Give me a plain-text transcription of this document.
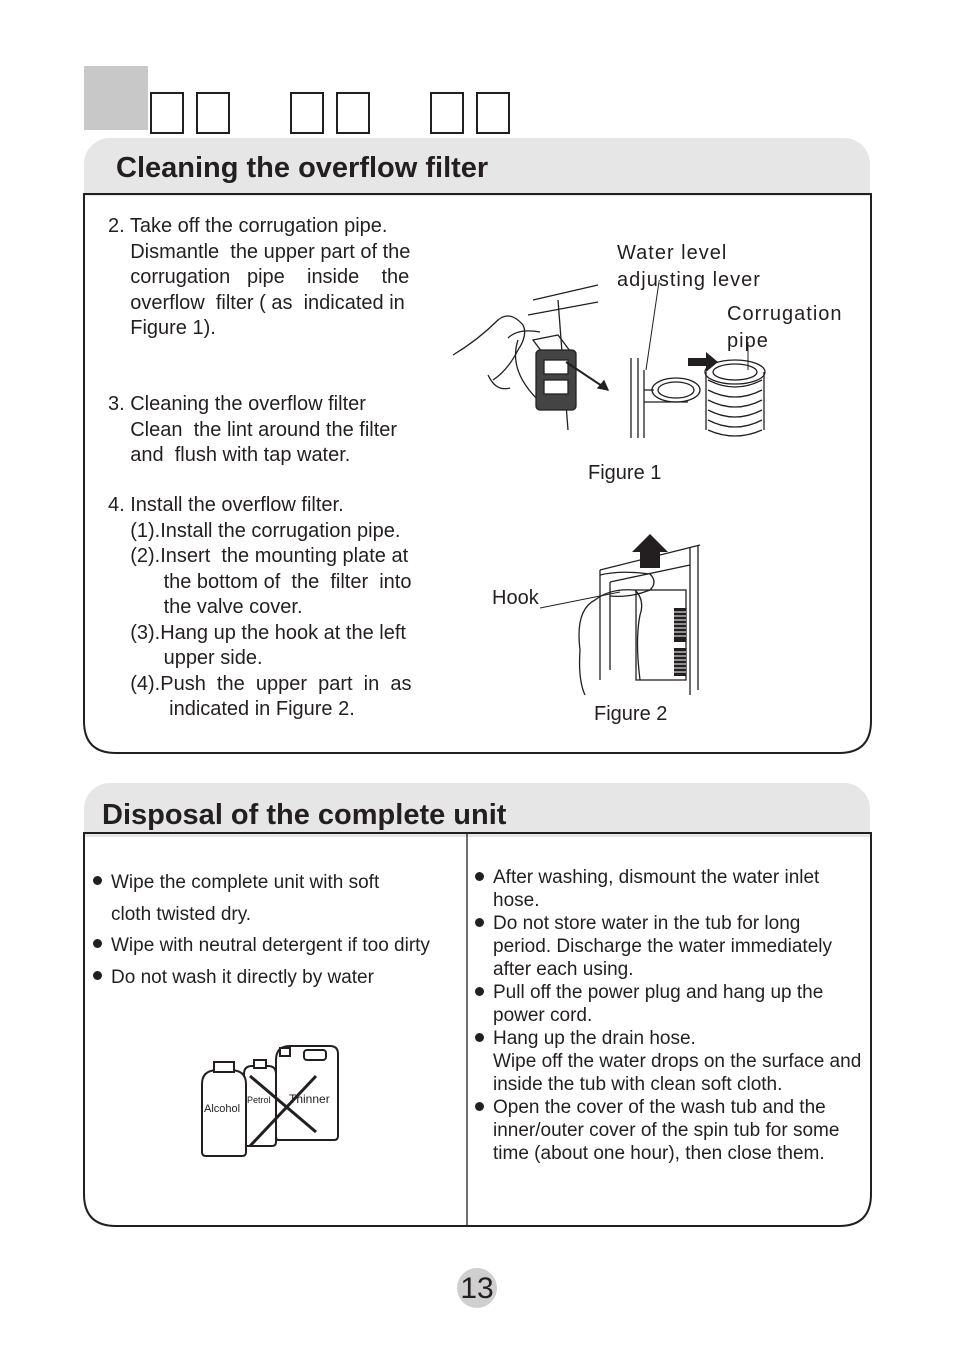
Cleaning the overflow filter
2. Take off the corrugation pipe.
Dismantle  the upper part of the
corrugation   pipe    inside    the
overflow  filter ( as  indicated in
Figure 1).
3. Cleaning the overflow filter
Clean  the lint around the filter
and  flush with tap water.
4. Install the overflow filter.
(1).Install the corrugation pipe.
(2).Insert  the mounting plate at
the bottom of  the  filter  into
the valve cover.
(3).Hang up the hook at the left
upper side.
(4).Push  the  upper  part  in  as
indicated in Figure 2.
Water level
adjusting lever
Corrugation
pipe
Figure 1
Hook
Figure 2
Disposal of the complete unit
Wipe the complete unit with soft
cloth twisted dry.
Wipe with neutral detergent if too dirty
Do not wash it directly by water
Alcohol
Petrol Thinner
After washing, dismount the water inlet hose.
Do not store water in the tub for long period. Discharge the water immediately after each using.
Pull off the power plug and hang up the power cord.
Hang up the drain hose.
Wipe off the water drops on the surface and inside the tub with clean soft cloth.
Open the cover of the wash tub and the inner/outer cover of the spin tub for some time (about one hour), then close them.
13
